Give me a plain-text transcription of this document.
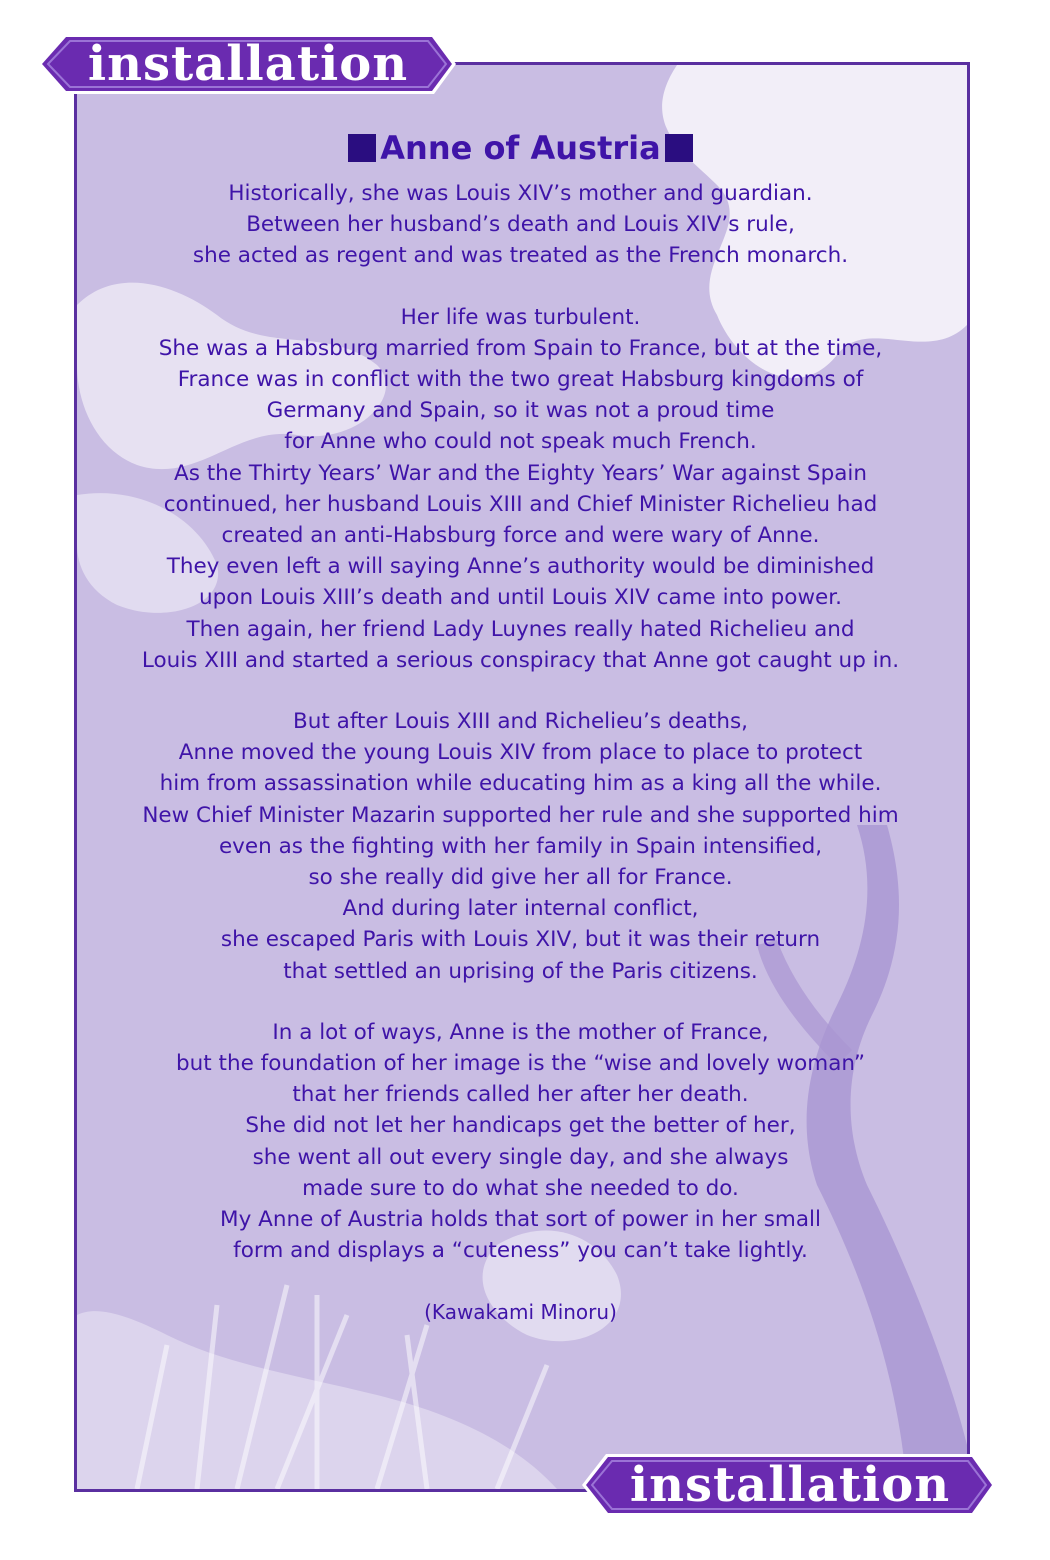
installation
installation
Anne of Austria
Historically, she was Louis XIV’s mother and guardian.
Between her husband’s death and Louis XIV’s rule,
she acted as regent and was treated as the French monarch.
Her life was turbulent.
She was a Habsburg married from Spain to France, but at the time,
France was in conflict with the two great Habsburg kingdoms of
Germany and Spain, so it was not a proud time
for Anne who could not speak much French.
As the Thirty Years’ War and the Eighty Years’ War against Spain
continued, her husband Louis XIII and Chief Minister Richelieu had
created an anti-Habsburg force and were wary of Anne.
They even left a will saying Anne’s authority would be diminished
upon Louis XIII’s death and until Louis XIV came into power.
Then again, her friend Lady Luynes really hated Richelieu and
Louis XIII and started a serious conspiracy that Anne got caught up in.
But after Louis XIII and Richelieu’s deaths,
Anne moved the young Louis XIV from place to place to protect
him from assassination while educating him as a king all the while.
New Chief Minister Mazarin supported her rule and she supported him
even as the fighting with her family in Spain intensified,
so she really did give her all for France.
And during later internal conflict,
she escaped Paris with Louis XIV, but it was their return
that settled an uprising of the Paris citizens.
In a lot of ways, Anne is the mother of France,
but the foundation of her image is the “wise and lovely woman”
that her friends called her after her death.
She did not let her handicaps get the better of her,
she went all out every single day, and she always
made sure to do what she needed to do.
My Anne of Austria holds that sort of power in her small
form and displays a “cuteness” you can’t take lightly.
(Kawakami Minoru)
